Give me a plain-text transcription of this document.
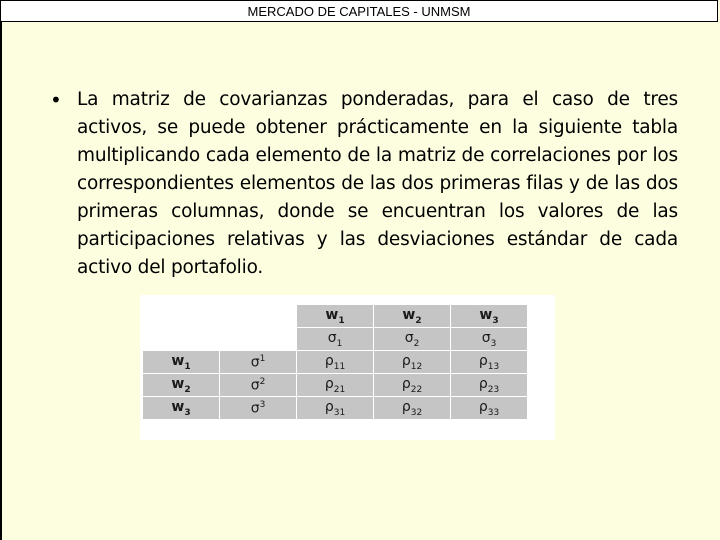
MERCADO DE CAPITALES - UNMSM
• La matriz de covarianzas ponderadas, para el caso de tres activos, se puede obtener prácticamente en la siguiente tabla multiplicando cada elemento de la matriz de correlaciones por los correspondientes elementos de las dos primeras filas y de las dos primeras columnas, donde se encuentran los valores de las participaciones relativas y las desviaciones estándar de cada activo del portafolio.

		$w_1$	$w_2$	$w_3$
		$\sigma_1$	$\sigma_2$	$\sigma_3$
$w_1$	$\sigma^1$	$\rho_{11}$	$\rho_{12}$	$\rho_{13}$
$w_2$	$\sigma^2$	$\rho_{21}$	$\rho_{22}$	$\rho_{23}$
$w_3$	$\sigma^3$	$\rho_{31}$	$\rho_{32}$	$\rho_{33}$
